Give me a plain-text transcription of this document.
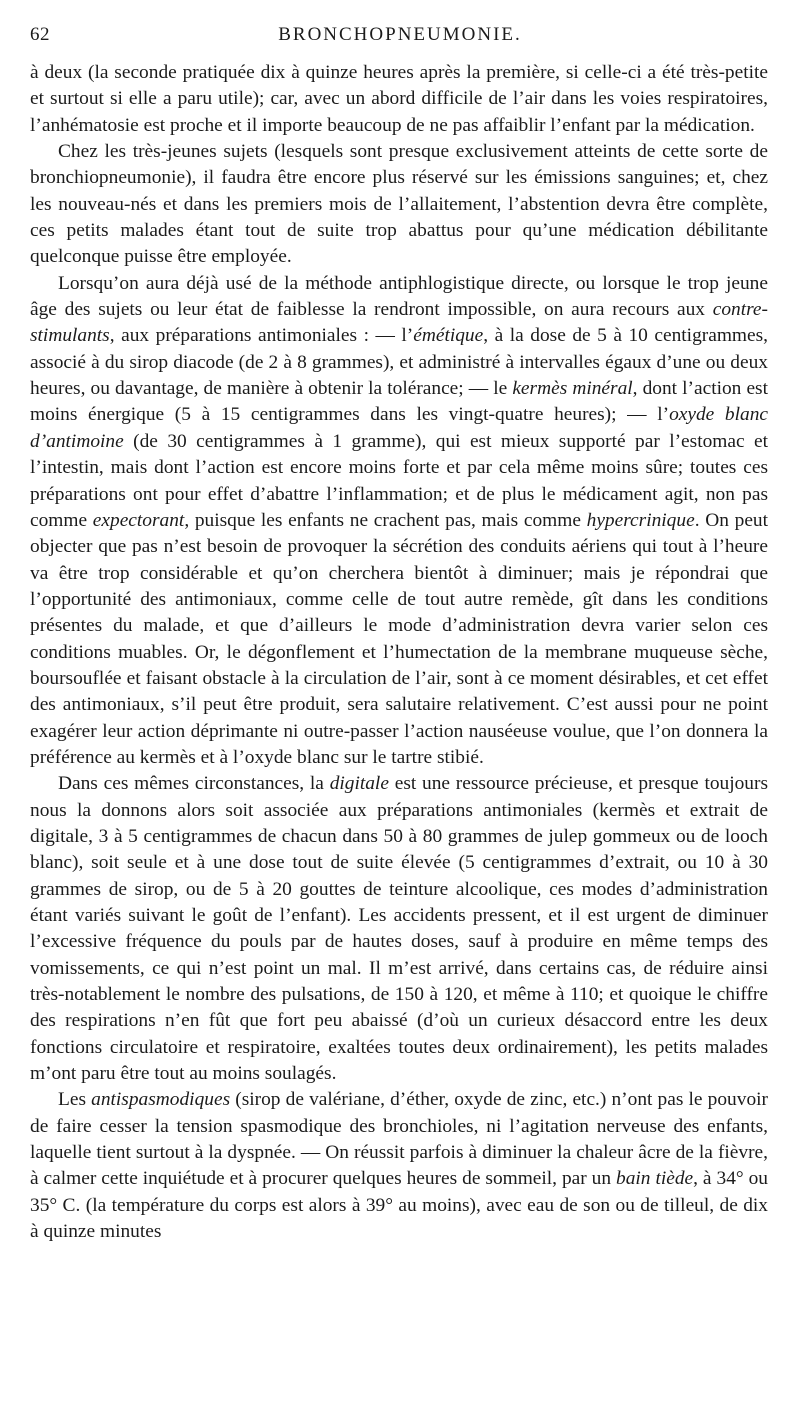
62	BRONCHOPNEUMONIE.

à deux (la seconde pratiquée dix à quinze heures après la première, si celle-ci a été très-petite et surtout si elle a paru utile); car, avec un abord difficile de l’air dans les voies respiratoires, l’anhématosie est proche et il importe beaucoup de ne pas affaiblir l’enfant par la médication.

Chez les très-jeunes sujets (lesquels sont presque exclusivement atteints de cette sorte de bronchiopneumonie), il faudra être encore plus réservé sur les émissions sanguines; et, chez les nouveau-nés et dans les premiers mois de l’allaitement, l’abstention devra être complète, ces petits malades étant tout de suite trop abattus pour qu’une médication débilitante quelconque puisse être employée.

Lorsqu’on aura déjà usé de la méthode antiphlogistique directe, ou lorsque le trop jeune âge des sujets ou leur état de faiblesse la rendront impossible, on aura recours aux contre-stimulants, aux préparations antimoniales : — l’émétique, à la dose de 5 à 10 centigrammes, associé à du sirop diacode (de 2 à 8 grammes), et administré à intervalles égaux d’une ou deux heures, ou davantage, de manière à obtenir la tolérance; — le kermès minéral, dont l’action est moins énergique (5 à 15 centigrammes dans les vingt-quatre heures); — l’oxyde blanc d’antimoine (de 30 centigrammes à 1 gramme), qui est mieux supporté par l’estomac et l’intestin, mais dont l’action est encore moins forte et par cela même moins sûre; toutes ces préparations ont pour effet d’abattre l’inflammation; et de plus le médicament agit, non pas comme expectorant, puisque les enfants ne crachent pas, mais comme hypercrinique. On peut objecter que pas n’est besoin de provoquer la sécrétion des conduits aériens qui tout à l’heure va être trop considérable et qu’on cherchera bientôt à diminuer; mais je répondrai que l’opportunité des antimoniaux, comme celle de tout autre remède, gît dans les conditions présentes du malade, et que d’ailleurs le mode d’administration devra varier selon ces conditions muables. Or, le dégonflement et l’humectation de la membrane muqueuse sèche, boursouflée et faisant obstacle à la circulation de l’air, sont à ce moment désirables, et cet effet des antimoniaux, s’il peut être produit, sera salutaire relativement. C’est aussi pour ne point exagérer leur action déprimante ni outre-passer l’action nauséeuse voulue, que l’on donnera la préférence au kermès et à l’oxyde blanc sur le tartre stibié.

Dans ces mêmes circonstances, la digitale est une ressource précieuse, et presque toujours nous la donnons alors soit associée aux préparations antimoniales (kermès et extrait de digitale, 3 à 5 centigrammes de chacun dans 50 à 80 grammes de julep gommeux ou de looch blanc), soit seule et à une dose tout de suite élevée (5 centigrammes d’extrait, ou 10 à 30 grammes de sirop, ou de 5 à 20 gouttes de teinture alcoolique, ces modes d’administration étant variés suivant le goût de l’enfant). Les accidents pressent, et il est urgent de diminuer l’excessive fréquence du pouls par de hautes doses, sauf à produire en même temps des vomissements, ce qui n’est point un mal. Il m’est arrivé, dans certains cas, de réduire ainsi très-notablement le nombre des pulsations, de 150 à 120, et même à 110; et quoique le chiffre des respirations n’en fût que fort peu abaissé (d’où un curieux désaccord entre les deux fonctions circulatoire et respiratoire, exaltées toutes deux ordinairement), les petits malades m’ont paru être tout au moins soulagés.

Les antispasmodiques (sirop de valériane, d’éther, oxyde de zinc, etc.) n’ont pas le pouvoir de faire cesser la tension spasmodique des bronchioles, ni l’agitation nerveuse des enfants, laquelle tient surtout à la dyspnée. — On réussit parfois à diminuer la chaleur âcre de la fièvre, à calmer cette inquiétude et à procurer quelques heures de sommeil, par un bain tiède, à 34° ou 35° C. (la température du corps est alors à 39° au moins), avec eau de son ou de tilleul, de dix à quinze minutes
